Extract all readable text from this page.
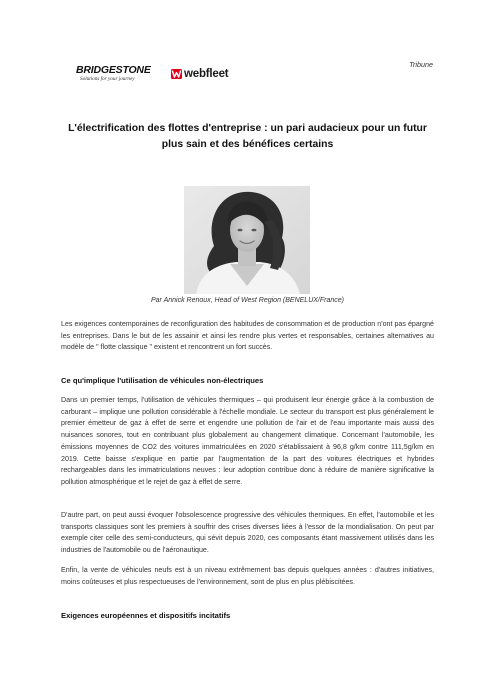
Tribune
BRIDGESTONE
Solutions for your journey	webfleet
L'électrification des flottes d'entreprise : un pari audacieux pour un futur plus sain et des bénéfices certains

Par Annick Renoux, Head of West Region (BENELUX/France)

Les exigences contemporaines de reconfiguration des habitudes de consommation et de production n'ont pas épargné les entreprises. Dans le but de les assainir et ainsi les rendre plus vertes et responsables, certaines alternatives au modèle de " flotte classique " existent et rencontrent un fort succès.

Ce qu'implique l'utilisation de véhicules non-électriques

Dans un premier temps, l'utilisation de véhicules thermiques – qui produisent leur énergie grâce à la combustion de carburant – implique une pollution considérable à l'échelle mondiale. Le secteur du transport est plus généralement le premier émetteur de gaz à effet de serre et engendre une pollution de l'air et de l'eau importante mais aussi des nuisances sonores, tout en contribuant plus globalement au changement climatique. Concernant l'automobile, les émissions moyennes de CO2 des voitures immatriculées en 2020 s'établissaient à 96,8 g/km contre 111,5g/km en 2019. Cette baisse s'explique en partie par l'augmentation de la part des voitures électriques et hybrides rechargeables dans les immatriculations neuves : leur adoption contribue donc à réduire de manière significative la pollution atmosphérique et le rejet de gaz à effet de serre.

D'autre part, on peut aussi évoquer l'obsolescence progressive des véhicules thermiques. En effet, l'automobile et les transports classiques sont les premiers à souffrir des crises diverses liées à l'essor de la mondialisation. On peut par exemple citer celle des semi-conducteurs, qui sévit depuis 2020, ces composants étant massivement utilisés dans les industries de l'automobile ou de l'aéronautique.

Enfin, la vente de véhicules neufs est à un niveau extrêmement bas depuis quelques années : d'autres initiatives, moins coûteuses et plus respectueuses de l'environnement, sont de plus en plus plébiscitées.

Exigences européennes et dispositifs incitatifs
